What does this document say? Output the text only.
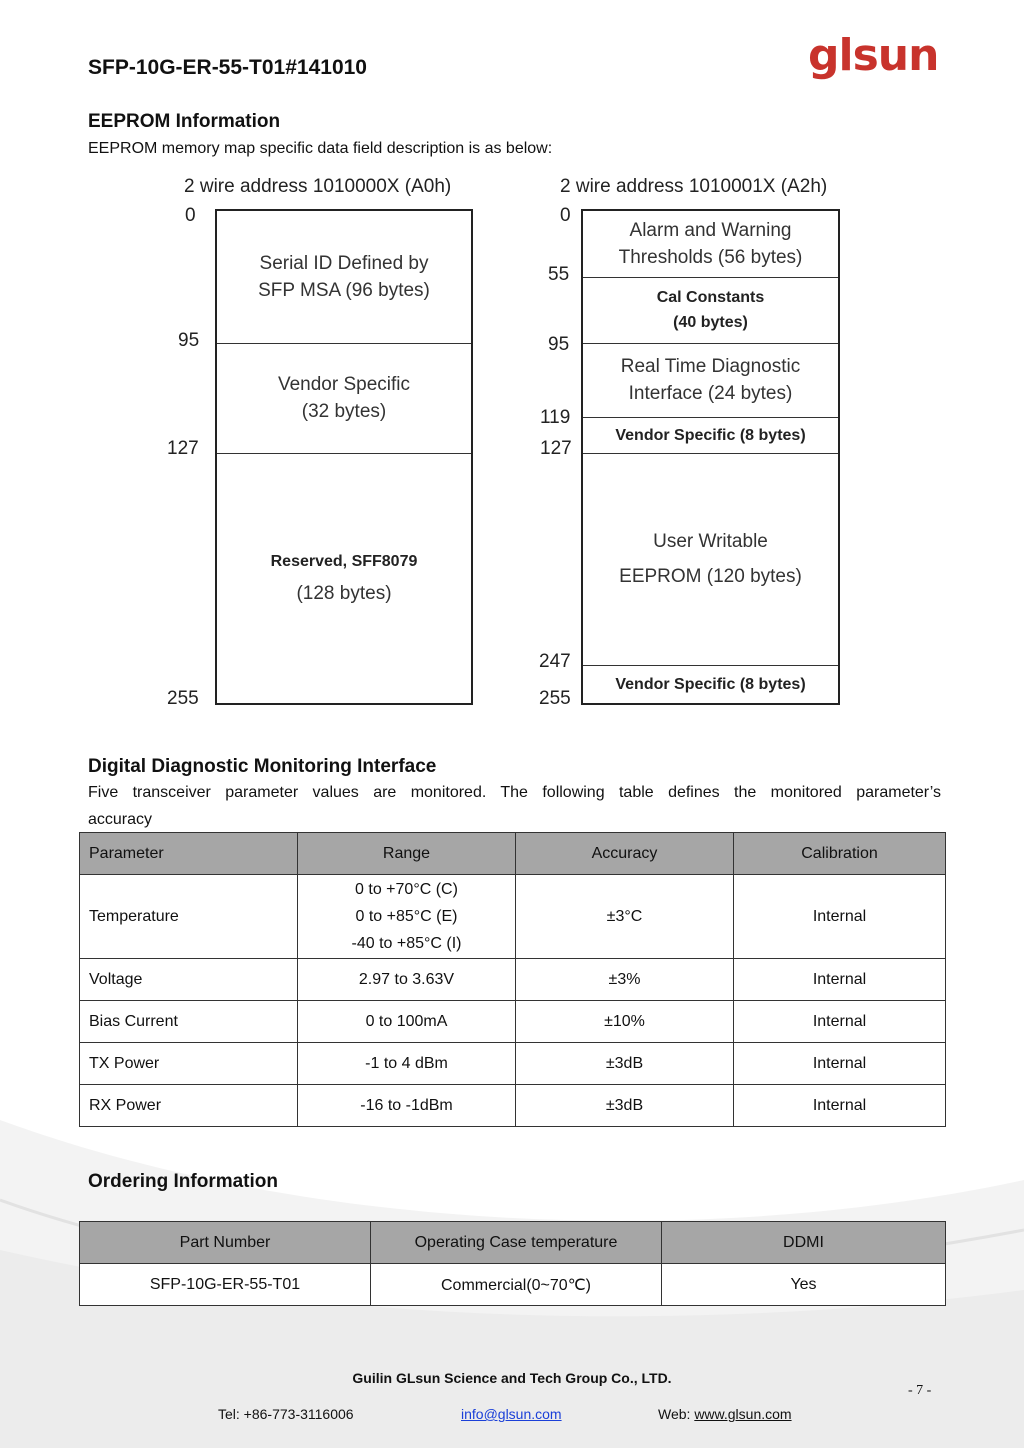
SFP-10G-ER-55-T01#141010	glsun
EEPROM Information
EEPROM memory map specific data field description is as below:
2 wire address 1010000X (A0h)
0
95
127
255
Serial ID Defined by
SFP MSA (96 bytes)
Vendor Specific
(32 bytes)
Reserved, SFF8079
(128 bytes)
2 wire address 1010001X (A2h)
0
55
95
119
127
247
255
Alarm and Warning
Thresholds (56 bytes)
Cal Constants
(40 bytes)
Real Time Diagnostic
Interface (24 bytes)
Vendor Specific (8 bytes)
User Writable
EEPROM (120 bytes)
Vendor Specific (8 bytes)
Digital Diagnostic Monitoring Interface
Five transceiver parameter values are monitored. The following table defines the monitored parameter’s
accuracy
Parameter	Range	Accuracy	Calibration
Temperature	0 to +70°C (C)
0 to +85°C (E)
-40 to +85°C (I)	±3°C	Internal
Voltage	2.97 to 3.63V	±3%	Internal
Bias Current	0 to 100mA	±10%	Internal
TX Power	-1 to 4 dBm	±3dB	Internal
RX Power	-16 to -1dBm	±3dB	Internal
Ordering Information
Part Number	Operating Case temperature	DDMI
SFP-10G-ER-55-T01	Commercial(0~70℃)	Yes
Guilin GLsun Science and Tech Group Co., LTD.
- 7 -
Tel: +86-773-3116006	info@glsun.com	Web: www.glsun.com
